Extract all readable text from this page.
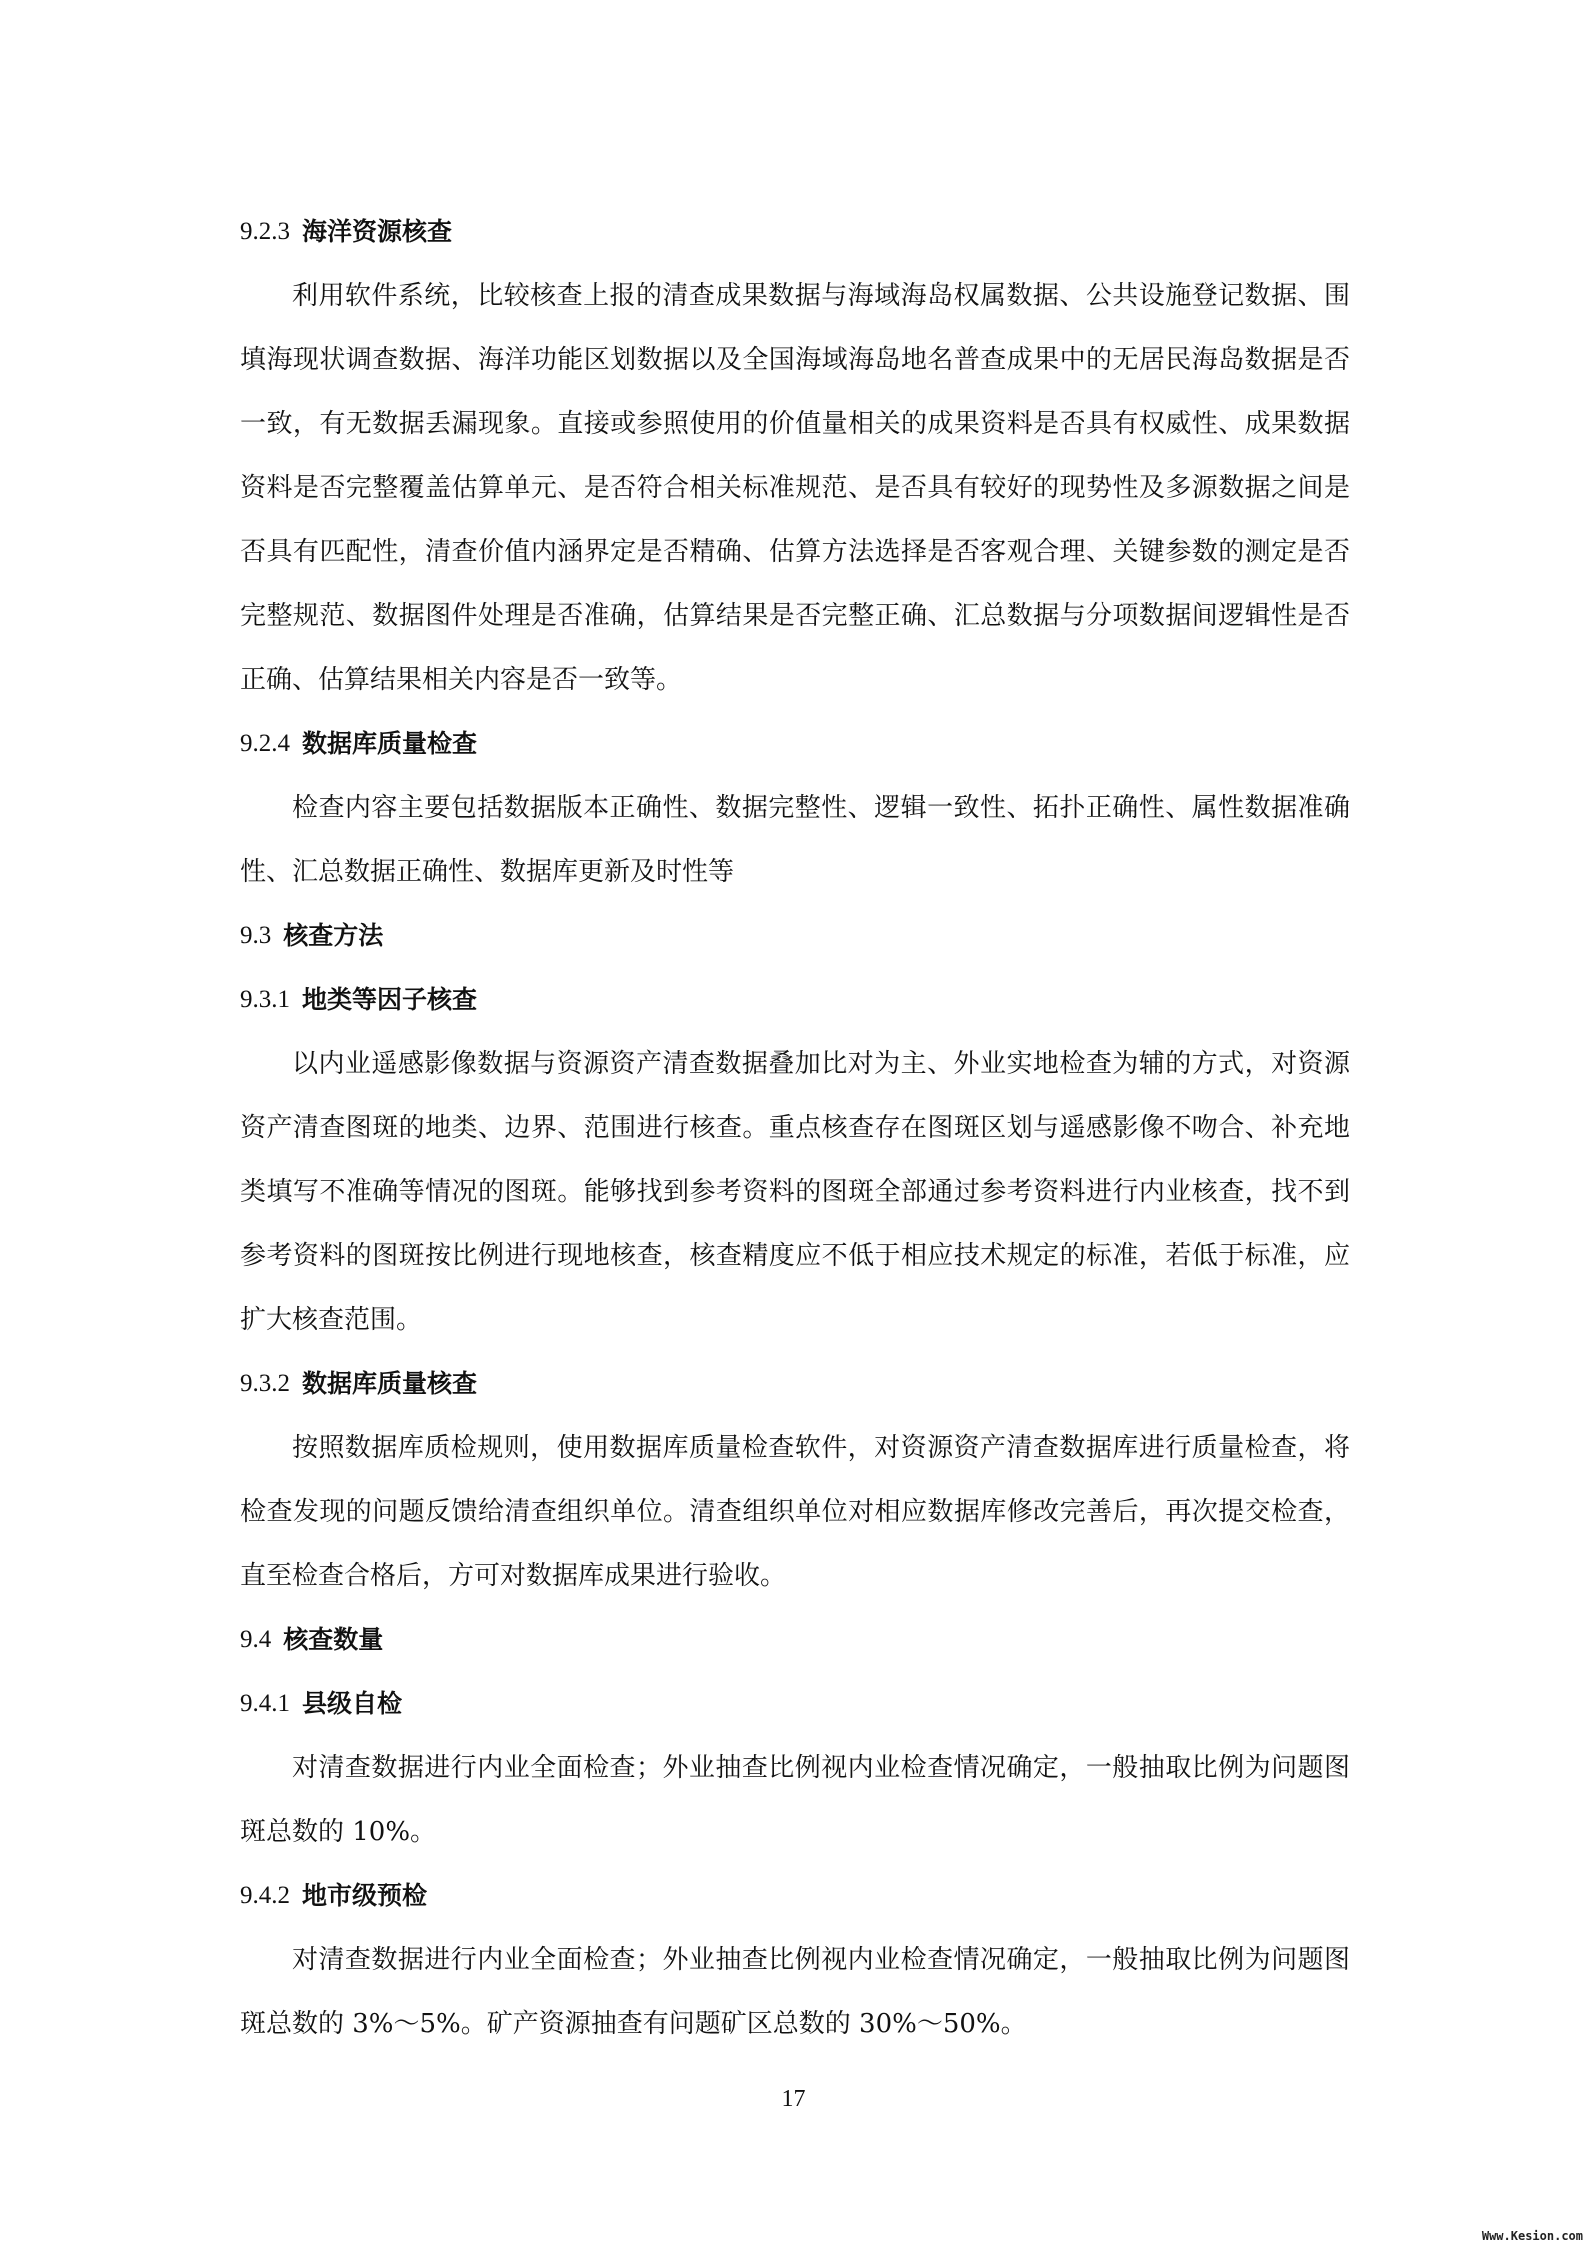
9.2.3 海洋资源核查

利用软件系统，比较核查上报的清查成果数据与海域海岛权属数据、公共设施登记数据、围填海现状调查数据、海洋功能区划数据以及全国海域海岛地名普查成果中的无居民海岛数据是否一致，有无数据丢漏现象。直接或参照使用的价值量相关的成果资料是否具有权威性、成果数据资料是否完整覆盖估算单元、是否符合相关标准规范、是否具有较好的现势性及多源数据之间是否具有匹配性，清查价值内涵界定是否精确、估算方法选择是否客观合理、关键参数的测定是否完整规范、数据图件处理是否准确，估算结果是否完整正确、汇总数据与分项数据间逻辑性是否正确、估算结果相关内容是否一致等。

9.2.4 数据库质量检查

检查内容主要包括数据版本正确性、数据完整性、逻辑一致性、拓扑正确性、属性数据准确性、汇总数据正确性、数据库更新及时性等

9.3 核查方法
9.3.1 地类等因子核查

以内业遥感影像数据与资源资产清查数据叠加比对为主、外业实地检查为辅的方式，对资源资产清查图斑的地类、边界、范围进行核查。重点核查存在图斑区划与遥感影像不吻合、补充地类填写不准确等情况的图斑。能够找到参考资料的图斑全部通过参考资料进行内业核查，找不到参考资料的图斑按比例进行现地核查，核查精度应不低于相应技术规定的标准，若低于标准，应扩大核查范围。

9.3.2 数据库质量核查

按照数据库质检规则，使用数据库质量检查软件，对资源资产清查数据库进行质量检查，将检查发现的问题反馈给清查组织单位。清查组织单位对相应数据库修改完善后，再次提交检查，直至检查合格后，方可对数据库成果进行验收。

9.4 核查数量
9.4.1 县级自检

对清查数据进行内业全面检查；外业抽查比例视内业检查情况确定，一般抽取比例为问题图斑总数的 10%。

9.4.2 地市级预检

对清查数据进行内业全面检查；外业抽查比例视内业检查情况确定，一般抽取比例为问题图斑总数的 3%～5%。矿产资源抽查有问题矿区总数的 30%～50%。

17
Www.Kesion.com
